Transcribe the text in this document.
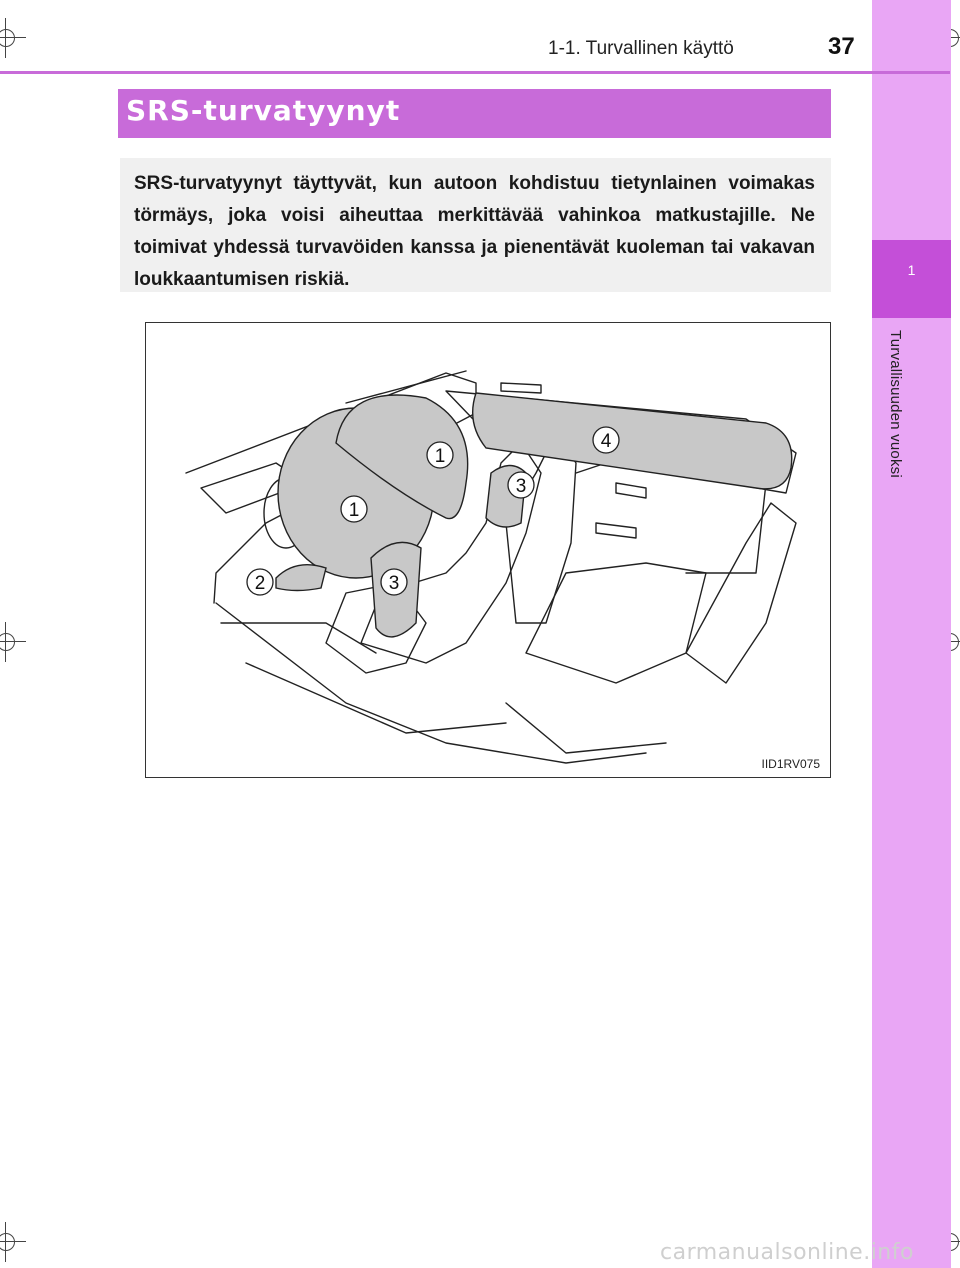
1
Turvallisuuden vuoksi
1-1. Turvallinen käyttö	37
SRS-turvatyynyt
SRS-turvatyynyt täyttyvät, kun autoon kohdistuu tietynlainen voimakas törmäys, joka voisi aiheuttaa merkittävää vahinkoa matkustajille. Ne toimivat yhdessä turvavöiden kanssa ja pienentävät kuoleman tai vakavan loukkaantumisen riskiä.
1
1
2	3
3
4
IID1RV075
carmanualsonline.info
